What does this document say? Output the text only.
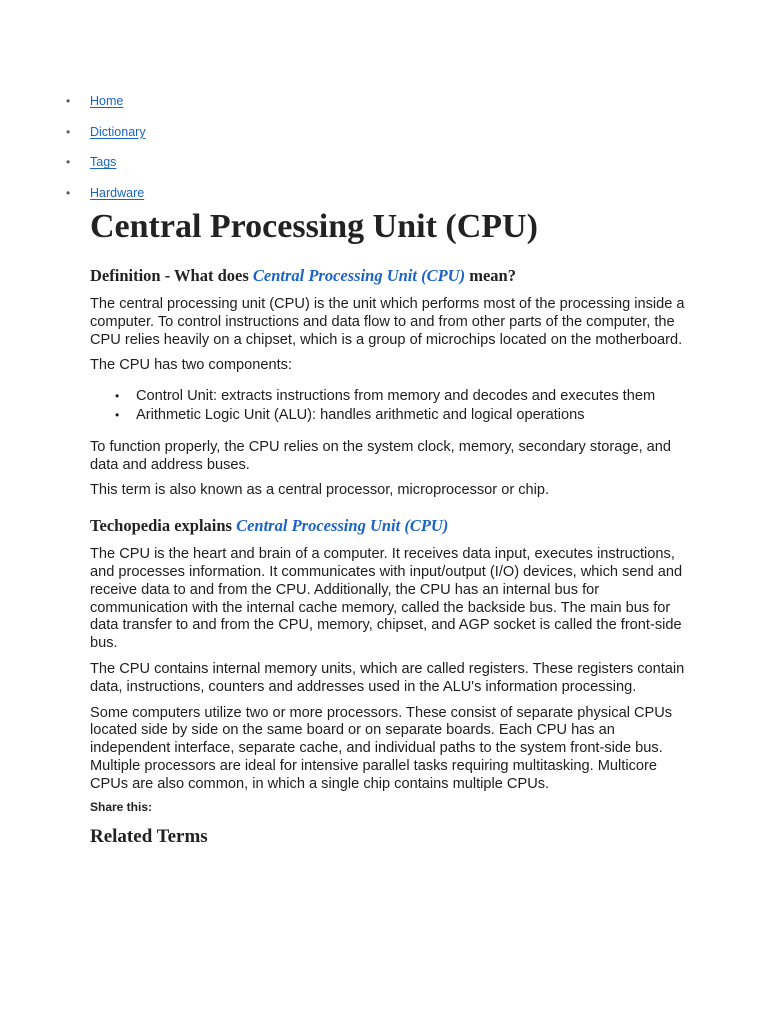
• Home
• Dictionary
• Tags
• Hardware
Central Processing Unit (CPU)
Definition - What does Central Processing Unit (CPU) mean?

The central processing unit (CPU) is the unit which performs most of the processing inside a computer. To control instructions and data flow to and from other parts of the computer, the CPU relies heavily on a chipset, which is a group of microchips located on the motherboard.

The CPU has two components:

• Control Unit: extracts instructions from memory and decodes and executes them
• Arithmetic Logic Unit (ALU): handles arithmetic and logical operations

To function properly, the CPU relies on the system clock, memory, secondary storage, and data and address buses.

This term is also known as a central processor, microprocessor or chip.

Techopedia explains Central Processing Unit (CPU)

The CPU is the heart and brain of a computer. It receives data input, executes instructions, and processes information. It communicates with input/output (I/O) devices, which send and receive data to and from the CPU. Additionally, the CPU has an internal bus for communication with the internal cache memory, called the backside bus. The main bus for data transfer to and from the CPU, memory, chipset, and AGP socket is called the front-side bus.

The CPU contains internal memory units, which are called registers. These registers contain data, instructions, counters and addresses used in the ALU's information processing.

Some computers utilize two or more processors. These consist of separate physical CPUs located side by side on the same board or on separate boards. Each CPU has an independent interface, separate cache, and individual paths to the system front-side bus. Multiple processors are ideal for intensive parallel tasks requiring multitasking. Multicore CPUs are also common, in which a single chip contains multiple CPUs.

Share this:
Related Terms
